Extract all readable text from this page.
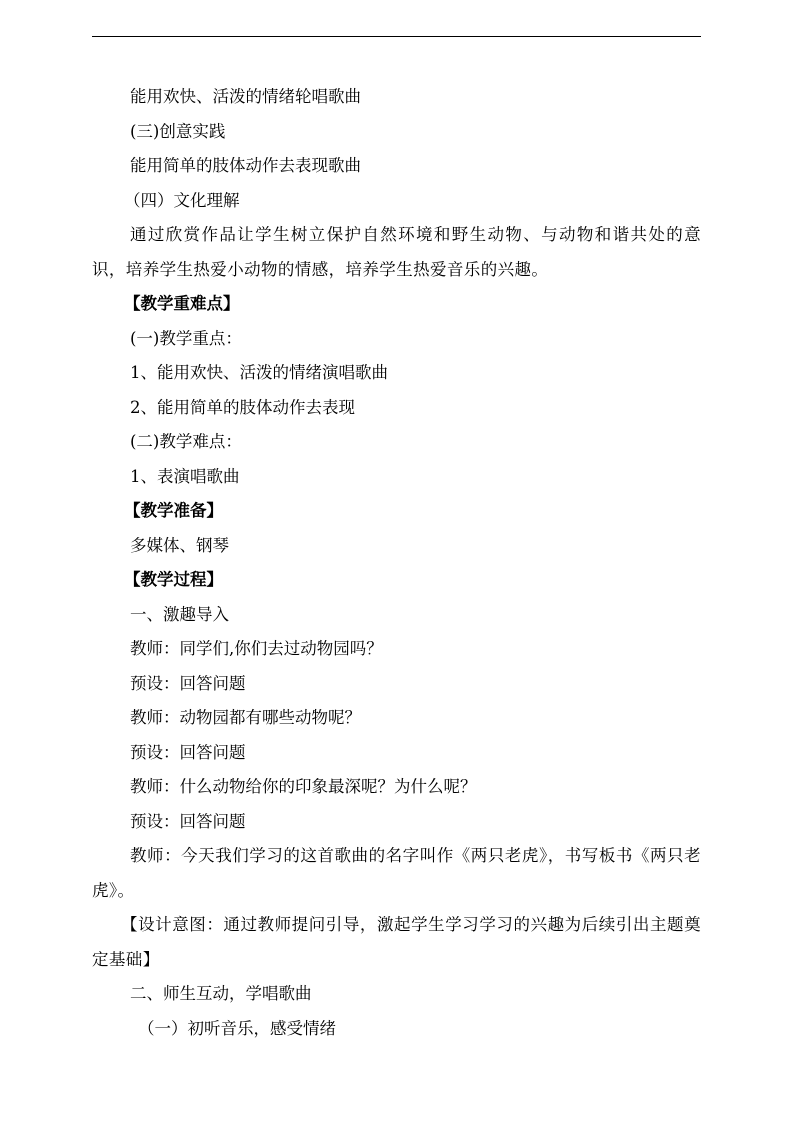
能用欢快、活泼的情绪轮唱歌曲
(三)创意实践
能用简单的肢体动作去表现歌曲
（四）文化理解
通过欣赏作品让学生树立保护自然环境和野生动物、与动物和谐共处的意识，培养学生热爱小动物的情感，培养学生热爱音乐的兴趣。
【教学重难点】
(一)教学重点：
1、能用欢快、活泼的情绪演唱歌曲
2、能用简单的肢体动作去表现
(二)教学难点：
1、表演唱歌曲
【教学准备】
多媒体、钢琴
【教学过程】
一、激趣导入
教师：同学们,你们去过动物园吗？
预设：回答问题
教师：动物园都有哪些动物呢？
预设：回答问题
教师：什么动物给你的印象最深呢？为什么呢？
预设：回答问题
教师：今天我们学习的这首歌曲的名字叫作《两只老虎》，书写板书《两只老虎》。
【设计意图：通过教师提问引导，激起学生学习学习的兴趣为后续引出主题奠定基础】
二、师生互动，学唱歌曲
（一）初听音乐，感受情绪
